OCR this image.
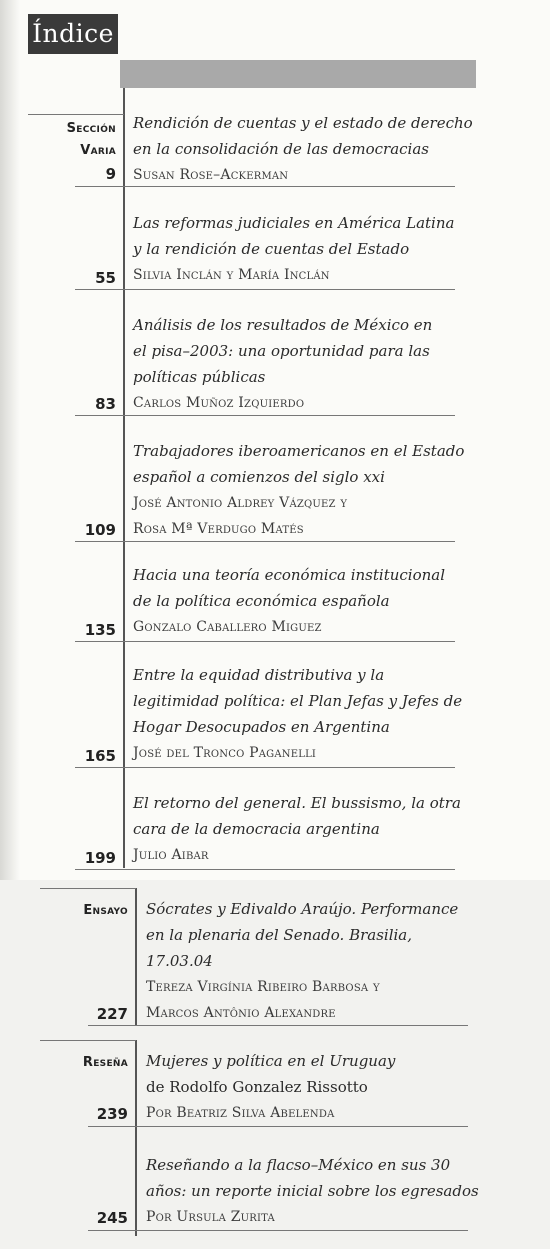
Índice
Sección
Varia
9
Rendición de cuentas y el estado de derecho
en la consolidación de las democracias
Susan Rose–Ackerman
55
Las reformas judiciales en América Latina
y la rendición de cuentas del Estado
Silvia Inclán y María Inclán
83
Análisis de los resultados de México en
el pisa–2003: una oportunidad para las
políticas públicas
Carlos Muñoz Izquierdo
109
Trabajadores iberoamericanos en el Estado
español a comienzos del siglo xxi
José Antonio Aldrey Vázquez y
Rosa Mª Verdugo Matés
135
Hacia una teoría económica institucional
de la política económica española
Gonzalo Caballero Miguez
165
Entre la equidad distributiva y la
legitimidad política: el Plan Jefas y Jefes de
Hogar Desocupados en Argentina
José del Tronco Paganelli
199
El retorno del general. El bussismo, la otra
cara de la democracia argentina
Julio Aibar
Ensayo
227
Sócrates y Edivaldo Araújo. Performance
en la plenaria del Senado. Brasilia,
17.03.04
Tereza Virgínia Ribeiro Barbosa y
Marcos Antônio Alexandre
Reseña
239
Mujeres y política en el Uruguay
de Rodolfo Gonzalez Rissotto
Por Beatriz Silva Abelenda
245
Reseñando a la flacso–México en sus 30
años: un reporte inicial sobre los egresados
Por Ursula Zurita
